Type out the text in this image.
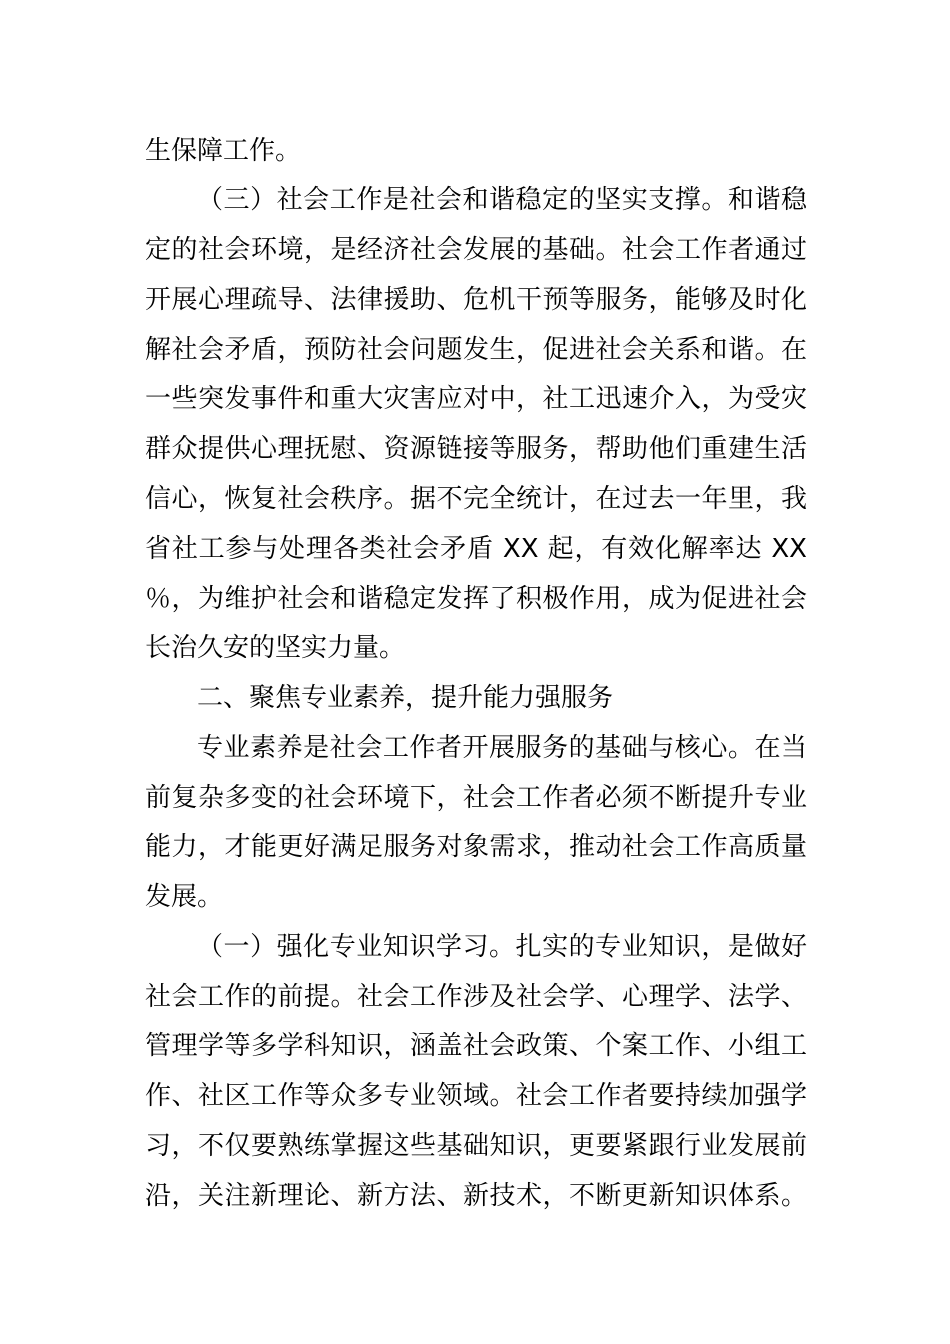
生保障工作。
（三）社会工作是社会和谐稳定的坚实支撑。和谐稳
定的社会环境，是经济社会发展的基础。社会工作者通过
开展心理疏导、法律援助、危机干预等服务，能够及时化
解社会矛盾，预防社会问题发生，促进社会关系和谐。在
一些突发事件和重大灾害应对中，社工迅速介入，为受灾
群众提供心理抚慰、资源链接等服务，帮助他们重建生活
信心，恢复社会秩序。据不完全统计，在过去一年里，我
省社工参与处理各类社会矛盾 XX 起，有效化解率达 XX
％，为维护社会和谐稳定发挥了积极作用，成为促进社会
长治久安的坚实力量。
二、聚焦专业素养，提升能力强服务
专业素养是社会工作者开展服务的基础与核心。在当
前复杂多变的社会环境下，社会工作者必须不断提升专业
能力，才能更好满足服务对象需求，推动社会工作高质量
发展。
（一）强化专业知识学习。扎实的专业知识，是做好
社会工作的前提。社会工作涉及社会学、心理学、法学、
管理学等多学科知识，涵盖社会政策、个案工作、小组工
作、社区工作等众多专业领域。社会工作者要持续加强学
习，不仅要熟练掌握这些基础知识，更要紧跟行业发展前
沿，关注新理论、新方法、新技术，不断更新知识体系。
